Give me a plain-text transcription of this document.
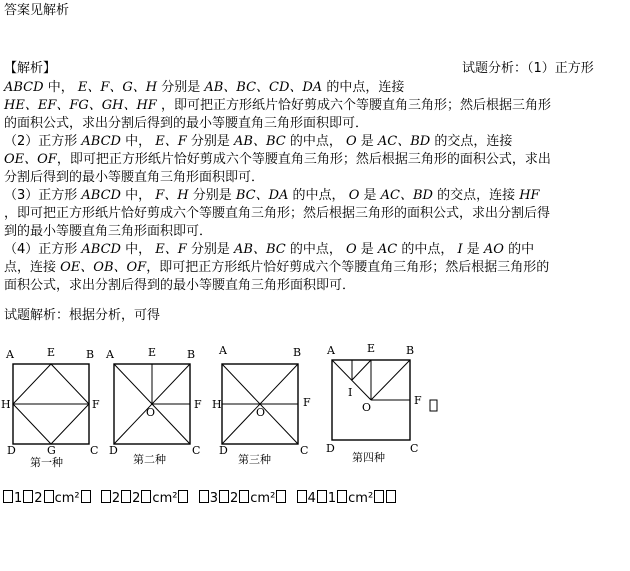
答案见解析
【解析】	试题分析：（1）正方形
ABCD 中， E、F、G、H 分别是 AB、BC、CD、DA 的中点，连接
HE、EF、FG、GH、HF ，即可把正方形纸片恰好剪成六个等腰直角三角形；然后根据三角形
的面积公式，求出分割后得到的最小等腰直角三角形面积即可．
（2）正方形 ABCD 中， E、F 分别是 AB、BC 的中点， O 是 AC、BD 的交点，连接
OE、OF，即可把正方形纸片恰好剪成六个等腰直角三角形；然后根据三角形的面积公式，求出
分割后得到的最小等腰直角三角形面积即可．
（3）正方形 ABCD 中， F、H 分别是 BC、DA 的中点， O 是 AC、BD 的交点，连接 HF
，即可把正方形纸片恰好剪成六个等腰直角三角形；然后根据三角形的面积公式，求出分割后得
到的最小等腰直角三角形面积即可．
（4）正方形 ABCD 中， E、F 分别是 AB、BC 的中点， O 是 AC 的中点， I 是 AO 的中
点，连接 OE、OB、OF，即可把正方形纸片恰好剪成六个等腰直角三角形；然后根据三角形的
面积公式，求出分割后得到的最小等腰直角三角形面积即可．
试题解析：根据分析，可得
A	E	B
H	F
D	G	C
第一种
A	E	B
O
F
D	C
第二种
A	B
H
O
F
D	C
第三种
A	E	B
I
O
F
D	C
第四种
1 2 cm² 2 2 cm² 3 2 cm² 4 1 cm²
